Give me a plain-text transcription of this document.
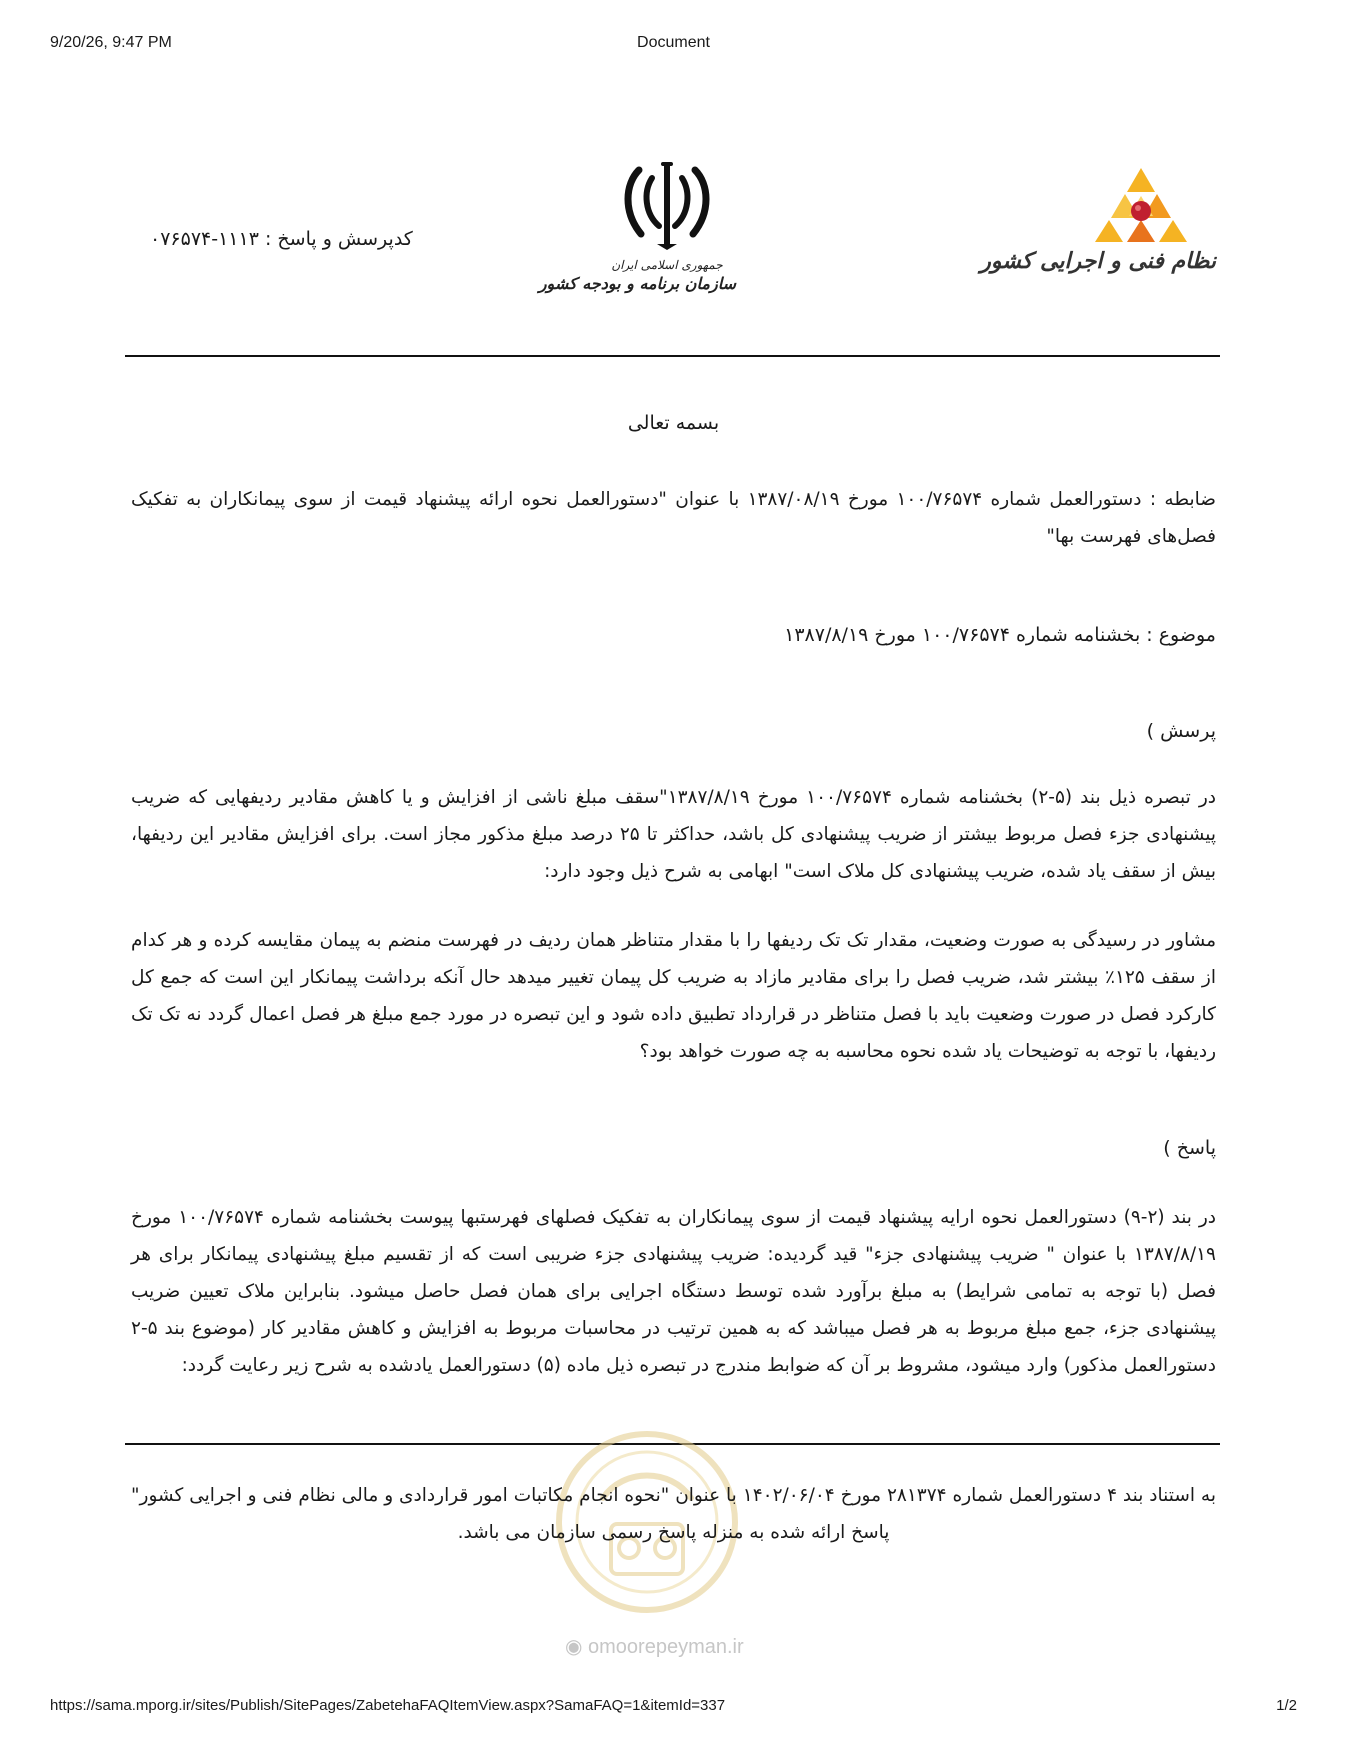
9/20/26, 9:47 PM	Document
کدپرسش و پاسخ : ۱۱۱۳-۰۷۶۵۷۴
جمهوری اسلامی ایران
سازمان برنامه و بودجه کشور
نظام فنی و اجرایی کشور
بسمه تعالی
ضابطه : دستورالعمل شماره ۱۰۰/۷۶۵۷۴ مورخ ۱۳۸۷/۰۸/۱۹ با عنوان "دستورالعمل نحوه ارائه پیشنهاد قیمت از سوی پیمانکاران به تفکیک فصل‌های فهرست بها"
موضوع : بخشنامه شماره ۱۰۰/۷۶۵۷۴ مورخ ۱۳۸۷/۸/۱۹
پرسش )
در تبصره ذیل بند (۵-۲) بخشنامه شماره ۱۰۰/۷۶۵۷۴ مورخ ۱۳۸۷/۸/۱۹"سقف مبلغ ناشی از افزایش و یا کاهش مقادیر ردیفهایی که ضریب پیشنهادی جزء فصل مربوط بیشتر از ضریب پیشنهادی کل باشد، حداکثر تا ۲۵ درصد مبلغ مذکور مجاز است. برای افزایش مقادیر این ردیفها، بیش از سقف یاد شده، ضریب پیشنهادی کل ملاک است" ابهامی به شرح ذیل وجود دارد:
مشاور در رسیدگی به صورت وضعیت، مقدار تک تک ردیفها را با مقدار متناظر همان ردیف در فهرست منضم به پیمان مقایسه کرده و هر کدام از سقف ۱۲۵٪ بیشتر شد، ضریب فصل را برای مقادیر مازاد به ضریب کل پیمان تغییر میدهد حال آنکه برداشت پیمانکار این است که جمع کل کارکرد فصل در صورت وضعیت باید با فصل متناظر در قرارداد تطبیق داده شود و این تبصره در مورد جمع مبلغ هر فصل اعمال گردد نه تک تک ردیفها، با توجه به توضیحات یاد شده نحوه محاسبه به چه صورت خواهد بود؟
پاسخ )
در بند (۲-۹) دستورالعمل نحوه ارایه پیشنهاد قیمت از سوی پیمانکاران به تفکیک فصلهای فهرستبها پیوست بخشنامه شماره ۱۰۰/۷۶۵۷۴ مورخ ۱۳۸۷/۸/۱۹ با عنوان " ضریب پیشنهادی جزء" قید گردیده: ضریب پیشنهادی جزء ضریبی است که از تقسیم مبلغ پیشنهادی پیمانکار برای هر فصل (با توجه به تمامی شرایط) به مبلغ برآورد شده توسط دستگاه اجرایی برای همان فصل حاصل میشود. بنابراین ملاک تعیین ضریب پیشنهادی جزء، جمع مبلغ مربوط به هر فصل میباشد که به همین ترتیب در محاسبات مربوط به افزایش و کاهش مقادیر کار (موضوع بند ۵-۲ دستورالعمل مذکور) وارد میشود، مشروط بر آن که ضوابط مندرج در تبصره ذیل ماده (۵) دستورالعمل یادشده به شرح زیر رعایت گردد:
به استناد بند ۴ دستورالعمل شماره ۲۸۱۳۷۴ مورخ ۱۴۰۲/۰۶/۰۴ با عنوان "نحوه انجام مکاتبات امور قراردادی و مالی نظام فنی و اجرایی کشور" پاسخ ارائه شده به منزله پاسخ رسمی سازمان می باشد.
◉ omoorepeyman.ir
https://sama.mporg.ir/sites/Publish/SitePages/ZabetehaFAQItemView.aspx?SamaFAQ=1&itemId=337	1/2
